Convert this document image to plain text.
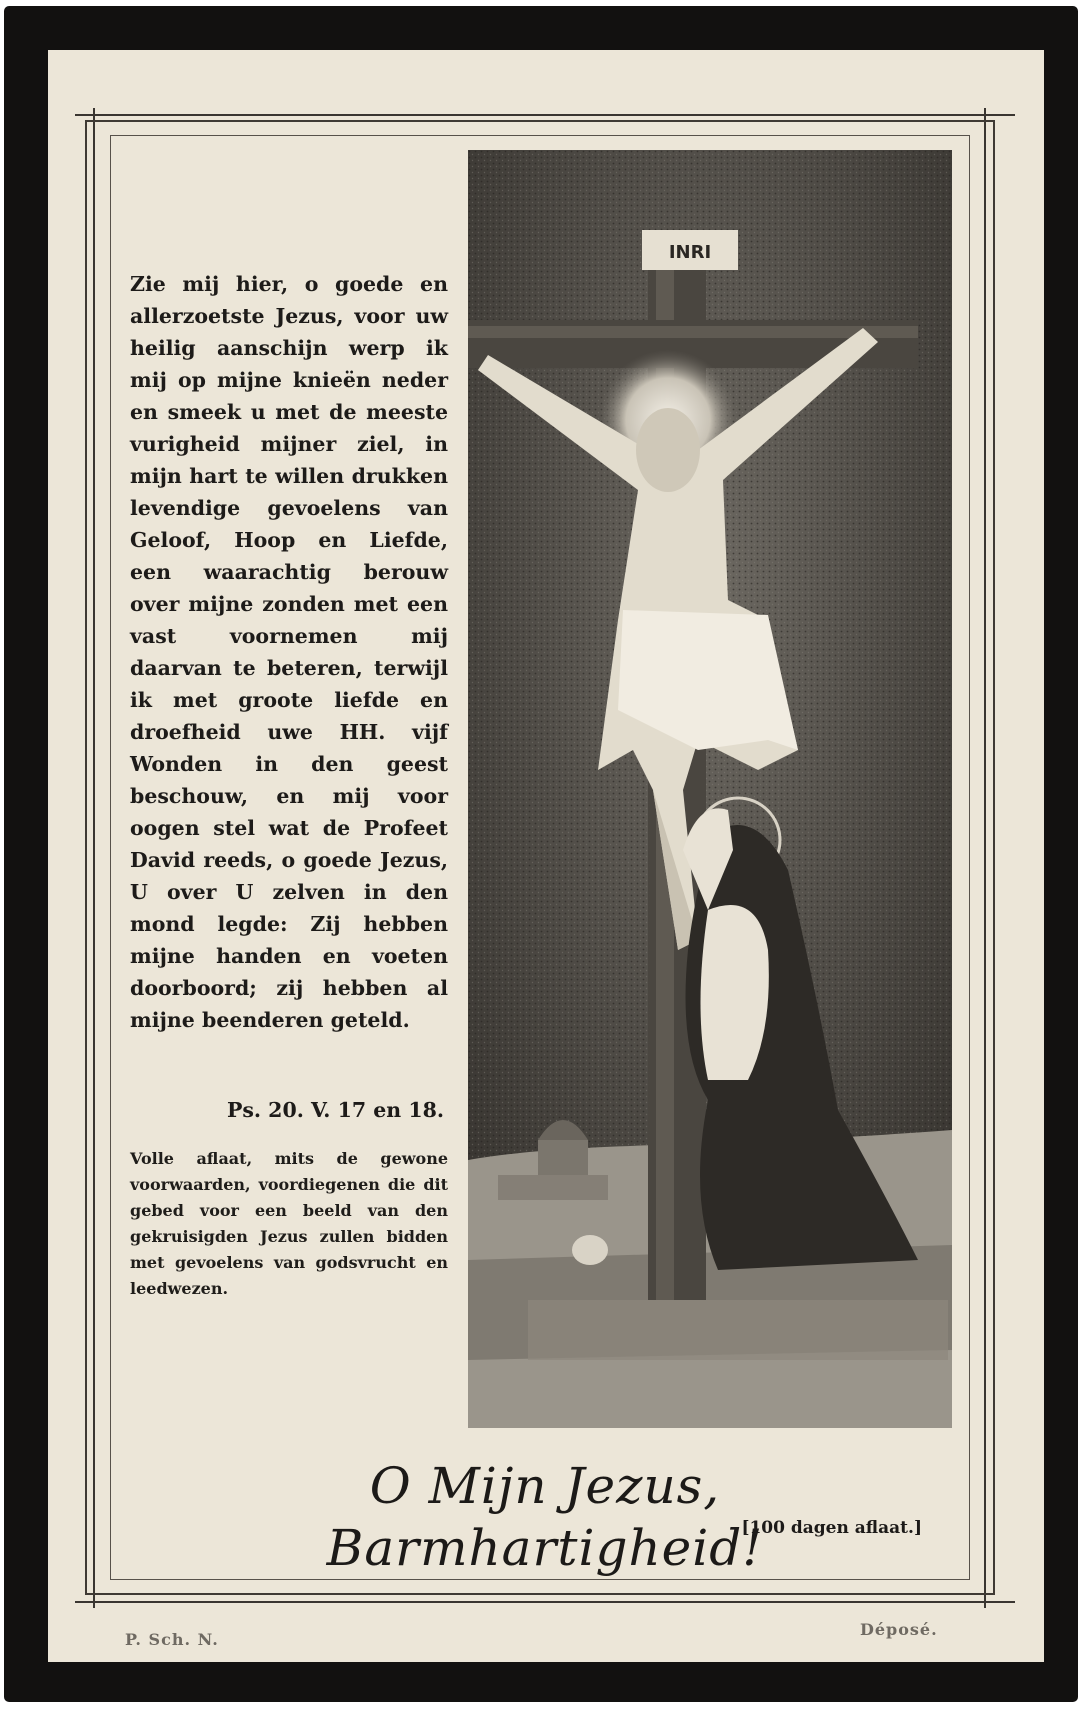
Zie mij hier, o goede en allerzoetste Jezus, voor uw heilig aanschijn werp ik mij op mijne knieën neder en smeek u met de meeste vurigheid mijner ziel, in mijn hart te willen drukken levendige gevoelens van Geloof, Hoop en Liefde, een waarachtig berouw over mijne zonden met een vast voornemen mij daarvan te beteren, terwijl ik met groote liefde en droefheid uwe HH. vijf Wonden in den geest beschouw, en mij voor oogen stel wat de Profeet David reeds, o goede Jezus, U over U zelven in den mond legde: Zij hebben mijne handen en voeten doorboord; zij hebben al mijne beenderen geteld.
Ps. 20. V. 17 en 18.
Volle aflaat, mits de gewone voorwaarden, voordiegenen die dit gebed voor een beeld van den gekruisigden Jezus zullen bidden met gevoelens van godsvrucht en leedwezen.
INRI
O Mijn Jezus, Barmhartigheid!
[100 dagen aflaat.]
P. Sch. N.
Déposé.
